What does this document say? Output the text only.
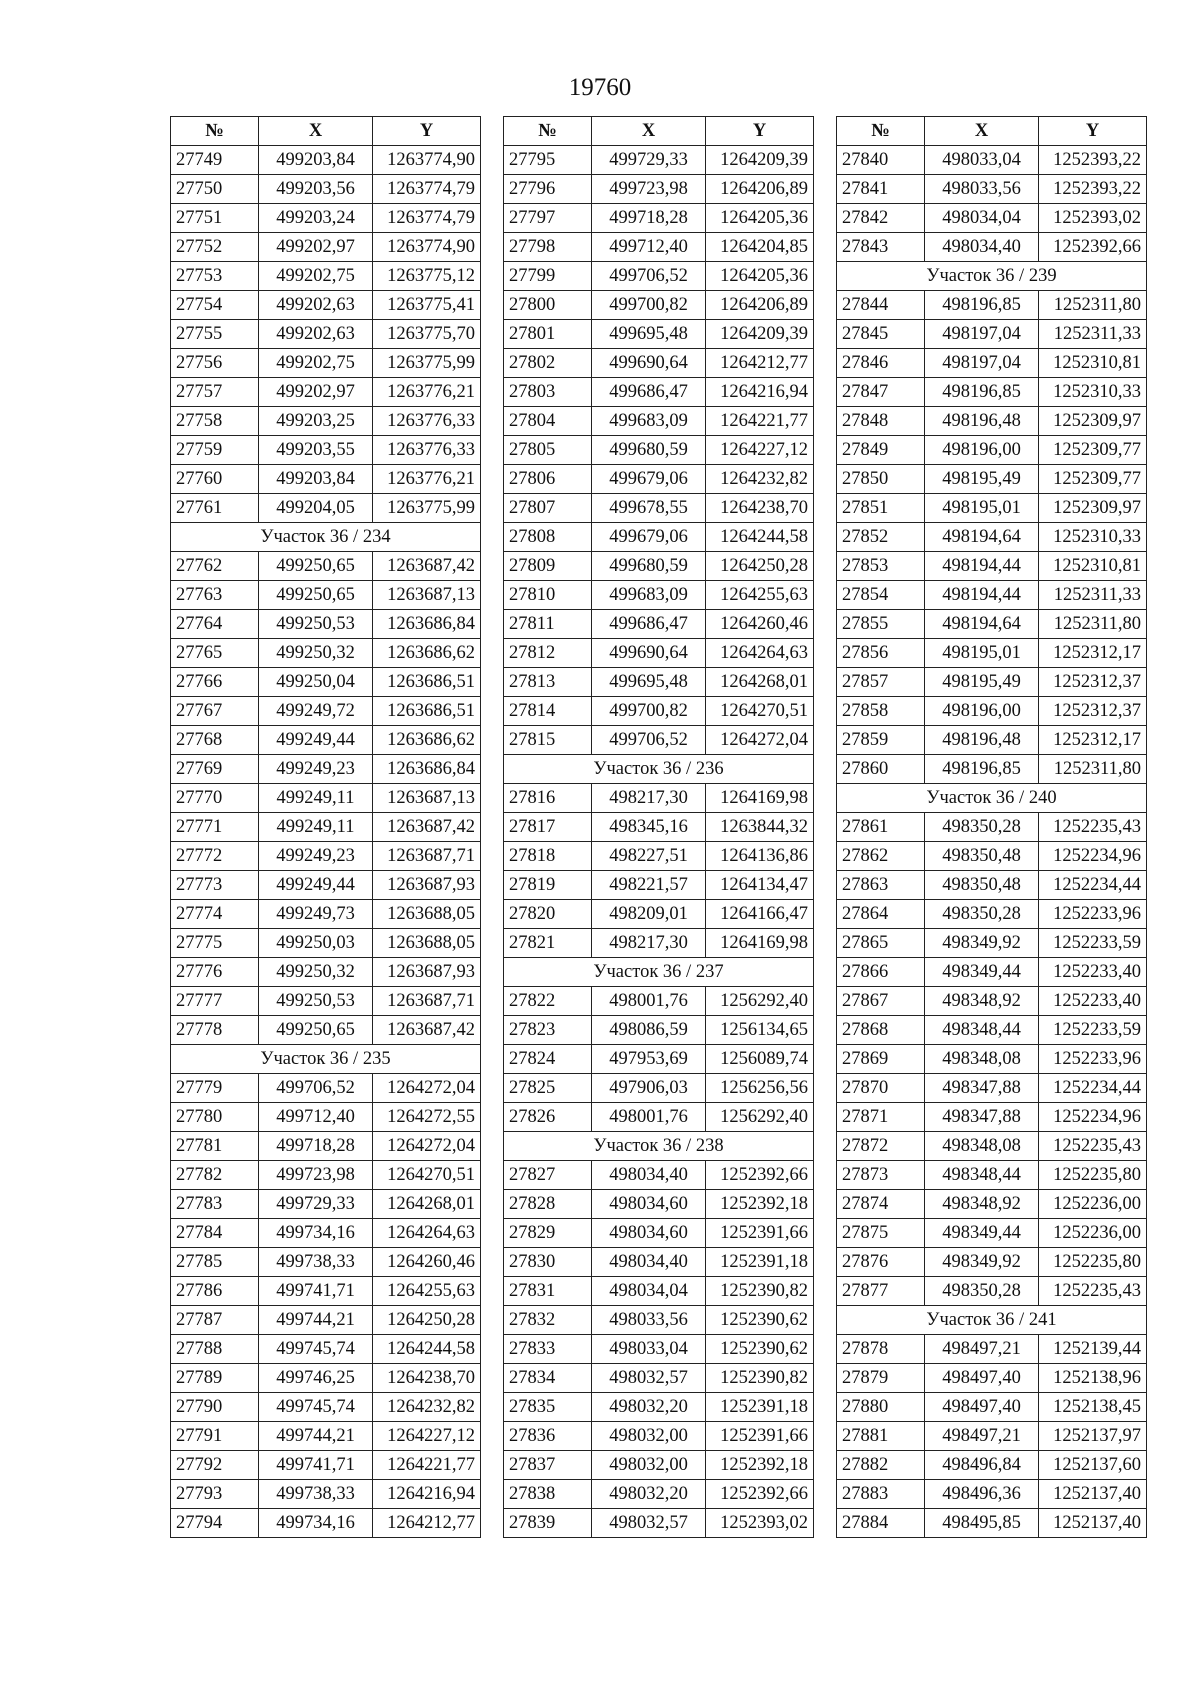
19760
№	X	Y
27749	499203,84	1263774,90
27750	499203,56	1263774,79
27751	499203,24	1263774,79
27752	499202,97	1263774,90
27753	499202,75	1263775,12
27754	499202,63	1263775,41
27755	499202,63	1263775,70
27756	499202,75	1263775,99
27757	499202,97	1263776,21
27758	499203,25	1263776,33
27759	499203,55	1263776,33
27760	499203,84	1263776,21
27761	499204,05	1263775,99
Участок 36 / 234		
27762	499250,65	1263687,42
27763	499250,65	1263687,13
27764	499250,53	1263686,84
27765	499250,32	1263686,62
27766	499250,04	1263686,51
27767	499249,72	1263686,51
27768	499249,44	1263686,62
27769	499249,23	1263686,84
27770	499249,11	1263687,13
27771	499249,11	1263687,42
27772	499249,23	1263687,71
27773	499249,44	1263687,93
27774	499249,73	1263688,05
27775	499250,03	1263688,05
27776	499250,32	1263687,93
27777	499250,53	1263687,71
27778	499250,65	1263687,42
Участок 36 / 235		
27779	499706,52	1264272,04
27780	499712,40	1264272,55
27781	499718,28	1264272,04
27782	499723,98	1264270,51
27783	499729,33	1264268,01
27784	499734,16	1264264,63
27785	499738,33	1264260,46
27786	499741,71	1264255,63
27787	499744,21	1264250,28
27788	499745,74	1264244,58
27789	499746,25	1264238,70
27790	499745,74	1264232,82
27791	499744,21	1264227,12
27792	499741,71	1264221,77
27793	499738,33	1264216,94
27794	499734,16	1264212,77
№	X	Y
27795	499729,33	1264209,39
27796	499723,98	1264206,89
27797	499718,28	1264205,36
27798	499712,40	1264204,85
27799	499706,52	1264205,36
27800	499700,82	1264206,89
27801	499695,48	1264209,39
27802	499690,64	1264212,77
27803	499686,47	1264216,94
27804	499683,09	1264221,77
27805	499680,59	1264227,12
27806	499679,06	1264232,82
27807	499678,55	1264238,70
27808	499679,06	1264244,58
27809	499680,59	1264250,28
27810	499683,09	1264255,63
27811	499686,47	1264260,46
27812	499690,64	1264264,63
27813	499695,48	1264268,01
27814	499700,82	1264270,51
27815	499706,52	1264272,04
Участок 36 / 236		
27816	498217,30	1264169,98
27817	498345,16	1263844,32
27818	498227,51	1264136,86
27819	498221,57	1264134,47
27820	498209,01	1264166,47
27821	498217,30	1264169,98
Участок 36 / 237		
27822	498001,76	1256292,40
27823	498086,59	1256134,65
27824	497953,69	1256089,74
27825	497906,03	1256256,56
27826	498001,76	1256292,40
Участок 36 / 238		
27827	498034,40	1252392,66
27828	498034,60	1252392,18
27829	498034,60	1252391,66
27830	498034,40	1252391,18
27831	498034,04	1252390,82
27832	498033,56	1252390,62
27833	498033,04	1252390,62
27834	498032,57	1252390,82
27835	498032,20	1252391,18
27836	498032,00	1252391,66
27837	498032,00	1252392,18
27838	498032,20	1252392,66
27839	498032,57	1252393,02
№	X	Y
27840	498033,04	1252393,22
27841	498033,56	1252393,22
27842	498034,04	1252393,02
27843	498034,40	1252392,66
Участок 36 / 239		
27844	498196,85	1252311,80
27845	498197,04	1252311,33
27846	498197,04	1252310,81
27847	498196,85	1252310,33
27848	498196,48	1252309,97
27849	498196,00	1252309,77
27850	498195,49	1252309,77
27851	498195,01	1252309,97
27852	498194,64	1252310,33
27853	498194,44	1252310,81
27854	498194,44	1252311,33
27855	498194,64	1252311,80
27856	498195,01	1252312,17
27857	498195,49	1252312,37
27858	498196,00	1252312,37
27859	498196,48	1252312,17
27860	498196,85	1252311,80
Участок 36 / 240		
27861	498350,28	1252235,43
27862	498350,48	1252234,96
27863	498350,48	1252234,44
27864	498350,28	1252233,96
27865	498349,92	1252233,59
27866	498349,44	1252233,40
27867	498348,92	1252233,40
27868	498348,44	1252233,59
27869	498348,08	1252233,96
27870	498347,88	1252234,44
27871	498347,88	1252234,96
27872	498348,08	1252235,43
27873	498348,44	1252235,80
27874	498348,92	1252236,00
27875	498349,44	1252236,00
27876	498349,92	1252235,80
27877	498350,28	1252235,43
Участок 36 / 241		
27878	498497,21	1252139,44
27879	498497,40	1252138,96
27880	498497,40	1252138,45
27881	498497,21	1252137,97
27882	498496,84	1252137,60
27883	498496,36	1252137,40
27884	498495,85	1252137,40
